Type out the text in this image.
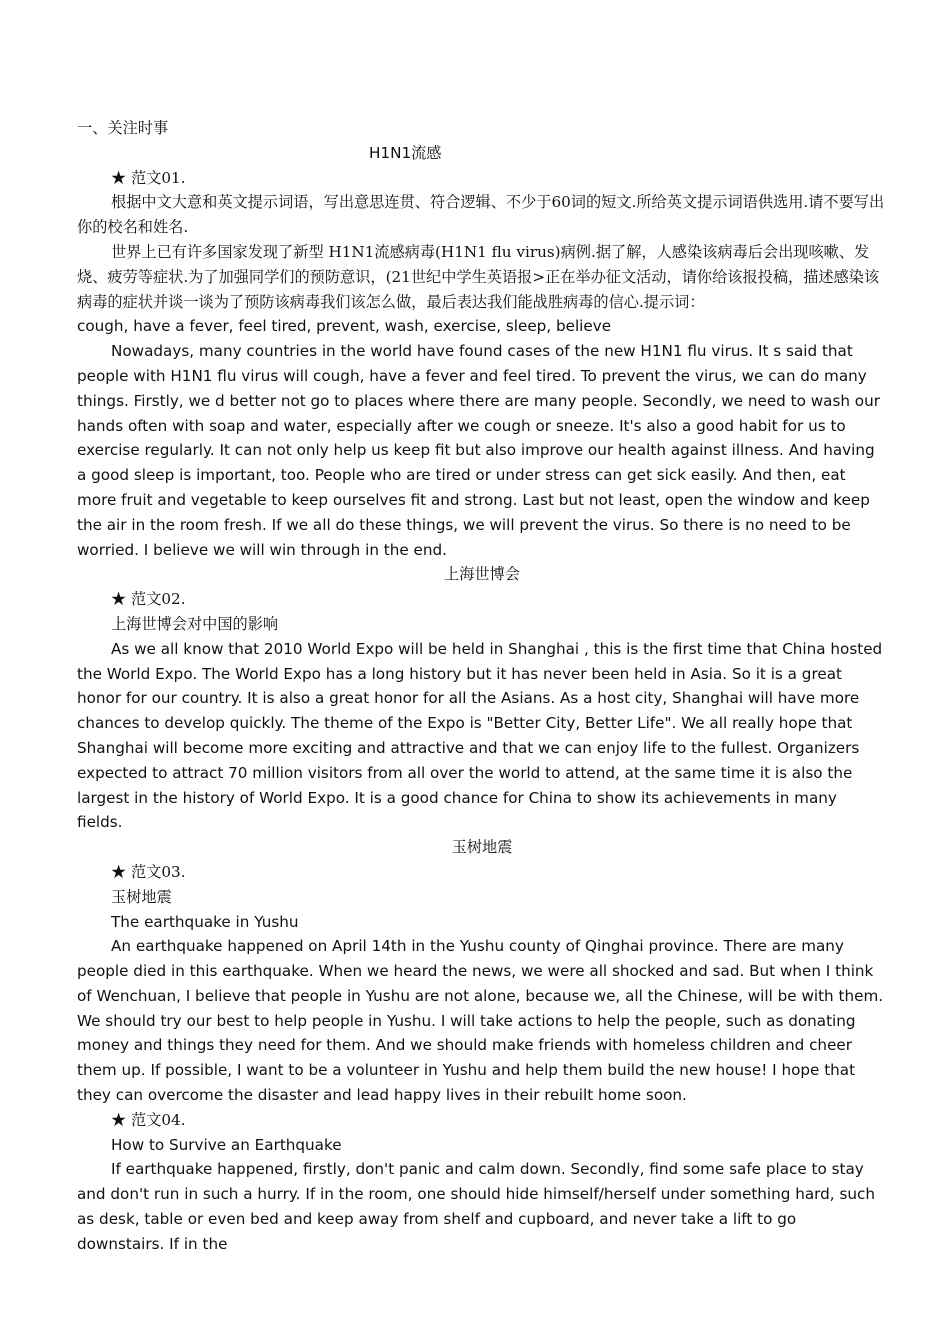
一、关注时事

H1N1流感

★ 范文01.

根据中文大意和英文提示词语，写出意思连贯、符合逻辑、不少于60词的短文.所给英文提示词语供选用.请不要写出你的校名和姓名.

世界上已有许多国家发现了新型 H1N1流感病毒(H1N1 flu virus)病例.据了解，人感染该病毒后会出现咳嗽、发烧、疲劳等症状.为了加强同学们的预防意识，(21世纪中学生英语报>正在举办征文活动，请你给该报投稿，描述感染该病毒的症状并谈一谈为了预防该病毒我们该怎么做，最后表达我们能战胜病毒的信心.提示词：

cough, have a fever, feel tired, prevent, wash, exercise, sleep, believe

Nowadays, many countries in the world have found cases of the new H1N1 flu virus. It s said that people with H1N1 flu virus will cough, have a fever and feel tired. To prevent the virus, we can do many things. Firstly, we d better not go to places where there are many people. Secondly, we need to wash our hands often with soap and water, especially after we cough or sneeze. It's also a good habit for us to exercise regularly. It can not only help us keep fit but also improve our health against illness. And having a good sleep is important, too. People who are tired or under stress can get sick easily. And then, eat more fruit and vegetable to keep ourselves fit and strong. Last but not least, open the window and keep the air in the room fresh. If we all do these things, we will prevent the virus. So there is no need to be worried. I believe we will win through in the end.

上海世博会

★ 范文02.

上海世博会对中国的影响

As we all know that 2010 World Expo will be held in Shanghai , this is the first time that China hosted the World Expo. The World Expo has a long history but it has never been held in Asia. So it is a great honor for our country. It is also a great honor for all the Asians. As a host city, Shanghai will have more chances to develop quickly. The theme of the Expo is "Better City, Better Life". We all really hope that Shanghai will become more exciting and attractive and that we can enjoy life to the fullest. Organizers expected to attract 70 million visitors from all over the world to attend, at the same time it is also the largest in the history of World Expo. It is a good chance for China to show its achievements in many fields.

玉树地震

★ 范文03.

玉树地震

The earthquake in Yushu

An earthquake happened on April 14th in the Yushu county of Qinghai province. There are many people died in this earthquake. When we heard the news, we were all shocked and sad. But when I think of Wenchuan, I believe that people in Yushu are not alone, because we, all the Chinese, will be with them. We should try our best to help people in Yushu. I will take actions to help the people, such as donating money and things they need for them. And we should make friends with homeless children and cheer them up. If possible, I want to be a volunteer in Yushu and help them build the new house! I hope that they can overcome the disaster and lead happy lives in their rebuilt home soon.

★ 范文04.

How to Survive an Earthquake

If earthquake happened, firstly, don't panic and calm down. Secondly, find some safe place to stay and don't run in such a hurry. If in the room, one should hide himself/herself under something hard, such as desk, table or even bed and keep away from shelf and cupboard, and never take a lift to go downstairs. If in the
